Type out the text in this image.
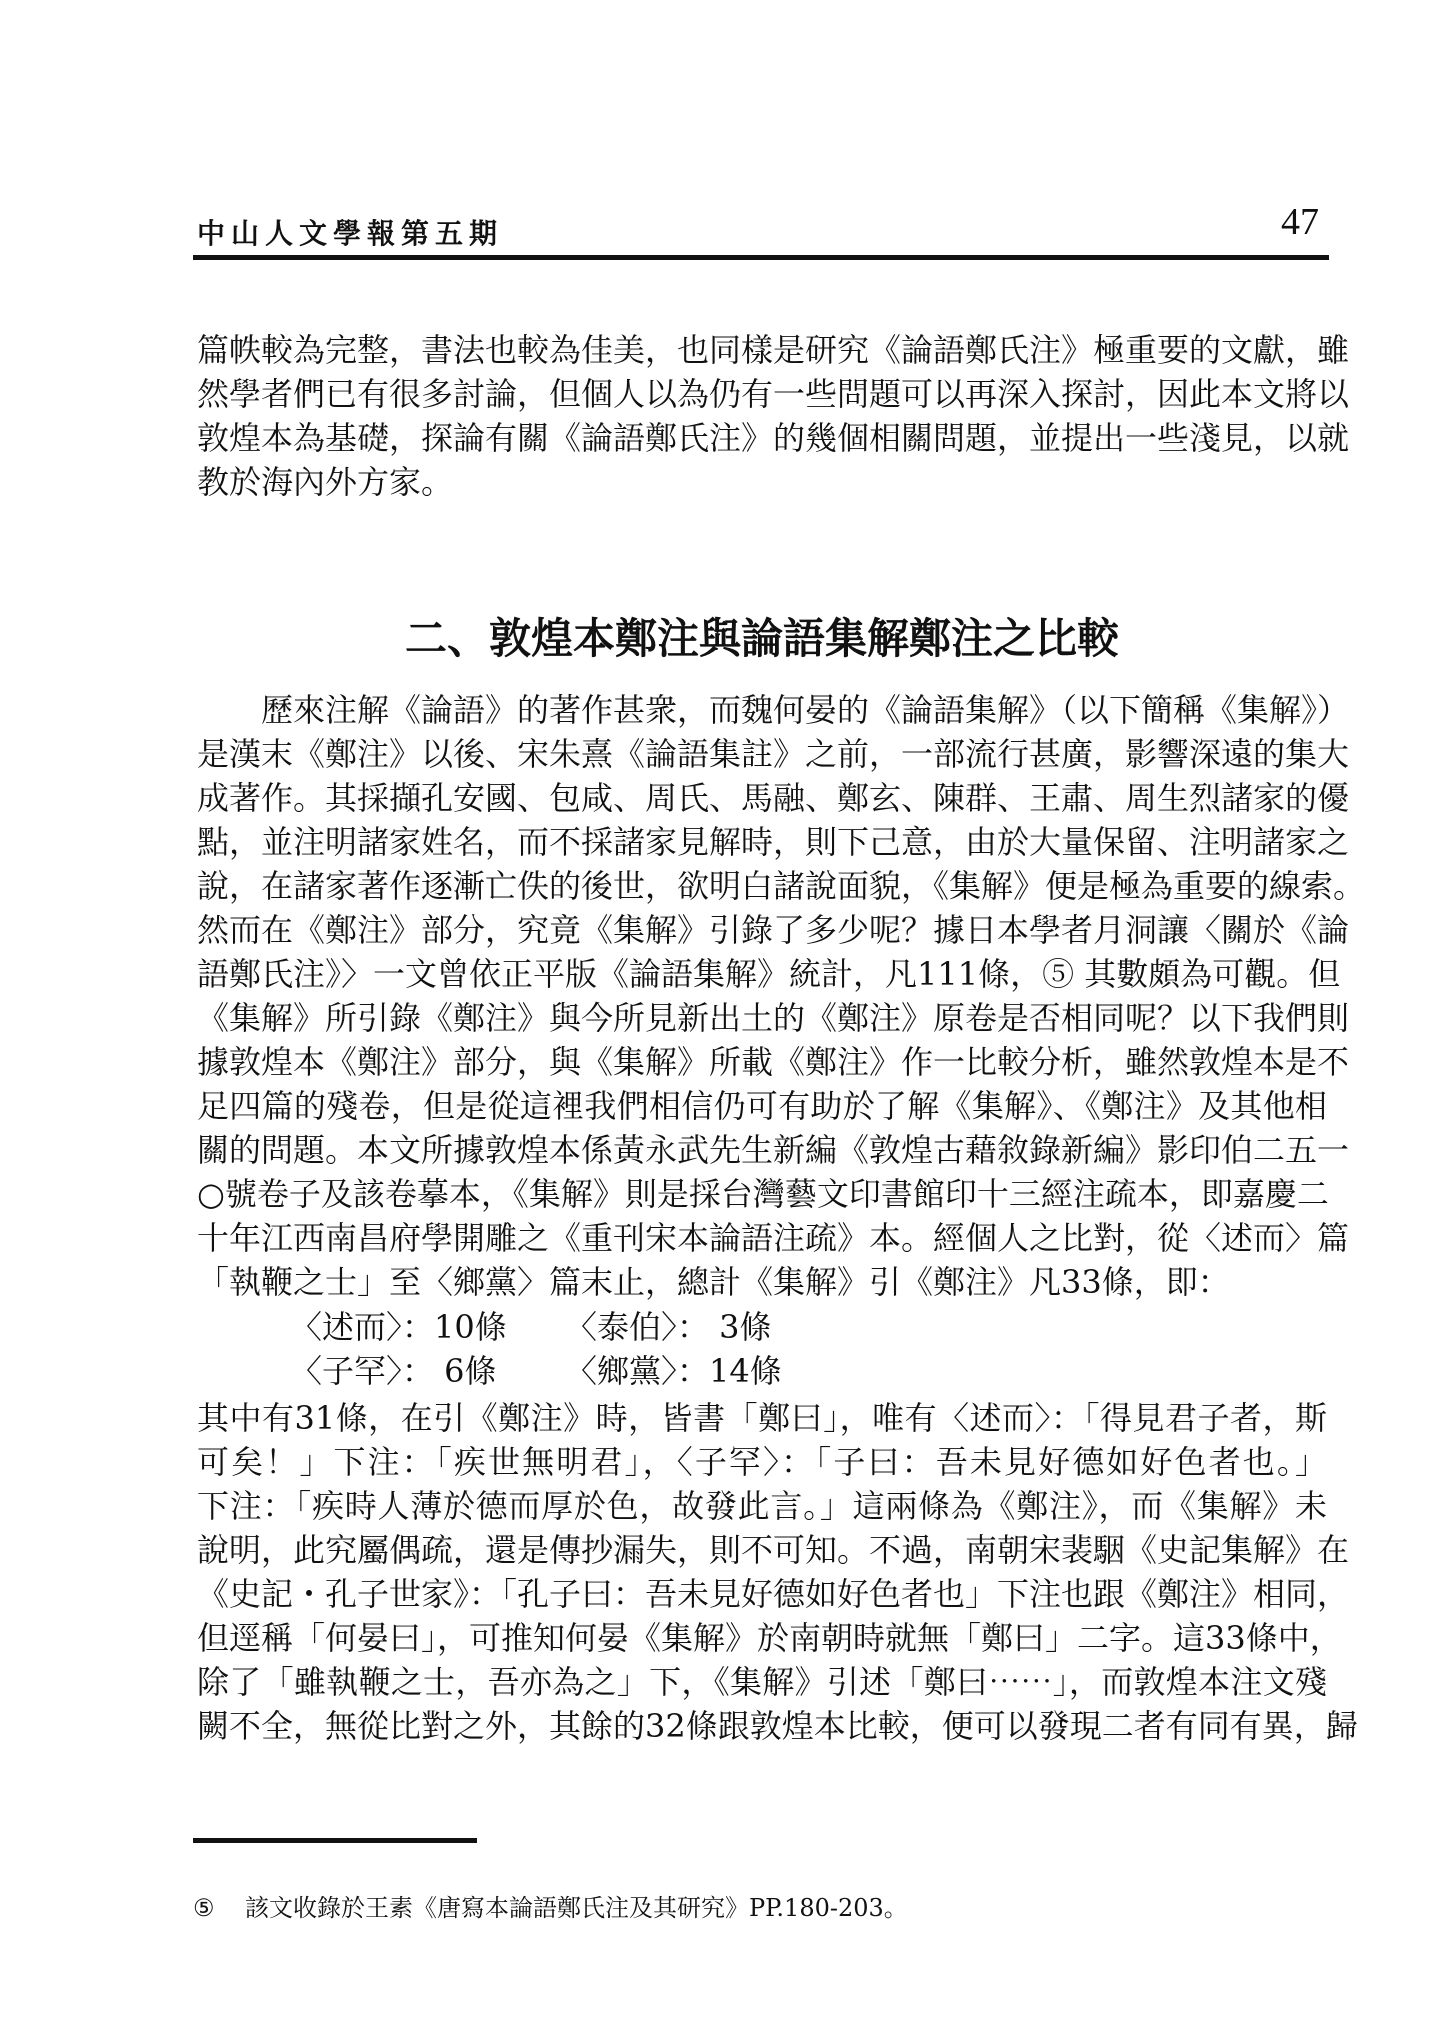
中山人文學報第五期	47
篇帙較為完整，書法也較為佳美，也同樣是研究《論語鄭氏注》極重要的文獻，雖
然學者們已有很多討論，但個人以為仍有一些問題可以再深入探討，因此本文將以
敦煌本為基礎，探論有關《論語鄭氏注》的幾個相關問題，並提出一些淺見，以就
教於海內外方家。
二、敦煌本鄭注與論語集解鄭注之比較
　　歷來注解《論語》的著作甚衆，而魏何晏的《論語集解》（以下簡稱《集解》）
是漢末《鄭注》以後、宋朱熹《論語集註》之前，一部流行甚廣，影響深遠的集大
成著作。其採擷孔安國、包咸、周氏、馬融、鄭玄、陳群、王肅、周生烈諸家的優
點，並注明諸家姓名，而不採諸家見解時，則下己意，由於大量保留、注明諸家之
說，在諸家著作逐漸亡佚的後世，欲明白諸說面貌，《集解》便是極為重要的線索。
然而在《鄭注》部分，究竟《集解》引錄了多少呢？據日本學者月洞讓〈關於《論
語鄭氏注》〉一文曾依正平版《論語集解》統計，凡111條，⑤ 其數頗為可觀。但
《集解》所引錄《鄭注》與今所見新出土的《鄭注》原卷是否相同呢？以下我們則
據敦煌本《鄭注》部分，與《集解》所載《鄭注》作一比較分析，雖然敦煌本是不
足四篇的殘卷，但是從這裡我們相信仍可有助於了解《集解》、《鄭注》及其他相
關的問題。本文所據敦煌本係黃永武先生新編《敦煌古藉敘錄新編》影印伯二五一
○號卷子及該卷摹本，《集解》則是採台灣藝文印書館印十三經注疏本，即嘉慶二
十年江西南昌府學開雕之《重刊宋本論語注疏》本。經個人之比對，從〈述而〉篇
「執鞭之士」至〈鄉黨〉篇末止，總計《集解》引《鄭注》凡33條，即：
〈述而〉：10條 〈泰伯〉： 3條
〈子罕〉： 6條 〈鄉黨〉：14條
其中有31條，在引《鄭注》時，皆書「鄭曰」，唯有〈述而〉：「得見君子者，斯
可矣！」下注：「疾世無明君」，〈子罕〉：「子曰：吾未見好德如好色者也。」
下注：「疾時人薄於德而厚於色，故發此言。」這兩條為《鄭注》，而《集解》未
說明，此究屬偶疏，還是傳抄漏失，則不可知。不過，南朝宋裴駰《史記集解》在
《史記・孔子世家》：「孔子曰：吾未見好德如好色者也」下注也跟《鄭注》相同，
但逕稱「何晏曰」，可推知何晏《集解》於南朝時就無「鄭曰」二字。這33條中，
除了「雖執鞭之士，吾亦為之」下，《集解》引述「鄭曰⋯⋯」，而敦煌本注文殘
闕不全，無從比對之外，其餘的32條跟敦煌本比較，便可以發現二者有同有異，歸
⑤ 該文收錄於王素《唐寫本論語鄭氏注及其研究》PP.180-203。
